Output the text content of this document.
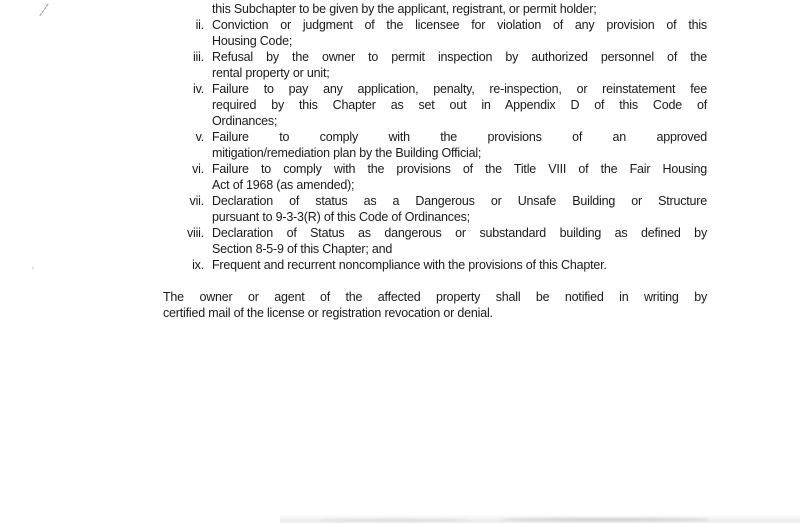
this Subchapter to be given by the applicant, registrant, or permit holder;
ii. Conviction or judgment of the licensee for violation of any provision of this
Housing Code;
iii. Refusal by the owner to permit inspection by authorized personnel of the
rental property or unit;
iv. Failure to pay any application, penalty, re-inspection, or reinstatement fee
required by this Chapter as set out in Appendix D of this Code of
Ordinances;
v. Failure to comply with the provisions of an approved
mitigation/remediation plan by the Building Official;
vi. Failure to comply with the provisions of the Title VIII of the Fair Housing
Act of 1968 (as amended);
vii. Declaration of status as a Dangerous or Unsafe Building or Structure
pursuant to 9-3-3(R) of this Code of Ordinances;
viii. Declaration of Status as dangerous or substandard building as defined by
Section 8-5-9 of this Chapter; and
ix. Frequent and recurrent noncompliance with the provisions of this Chapter.
The owner or agent of the affected property shall be notified in writing by
certified mail of the license or registration revocation or denial.
